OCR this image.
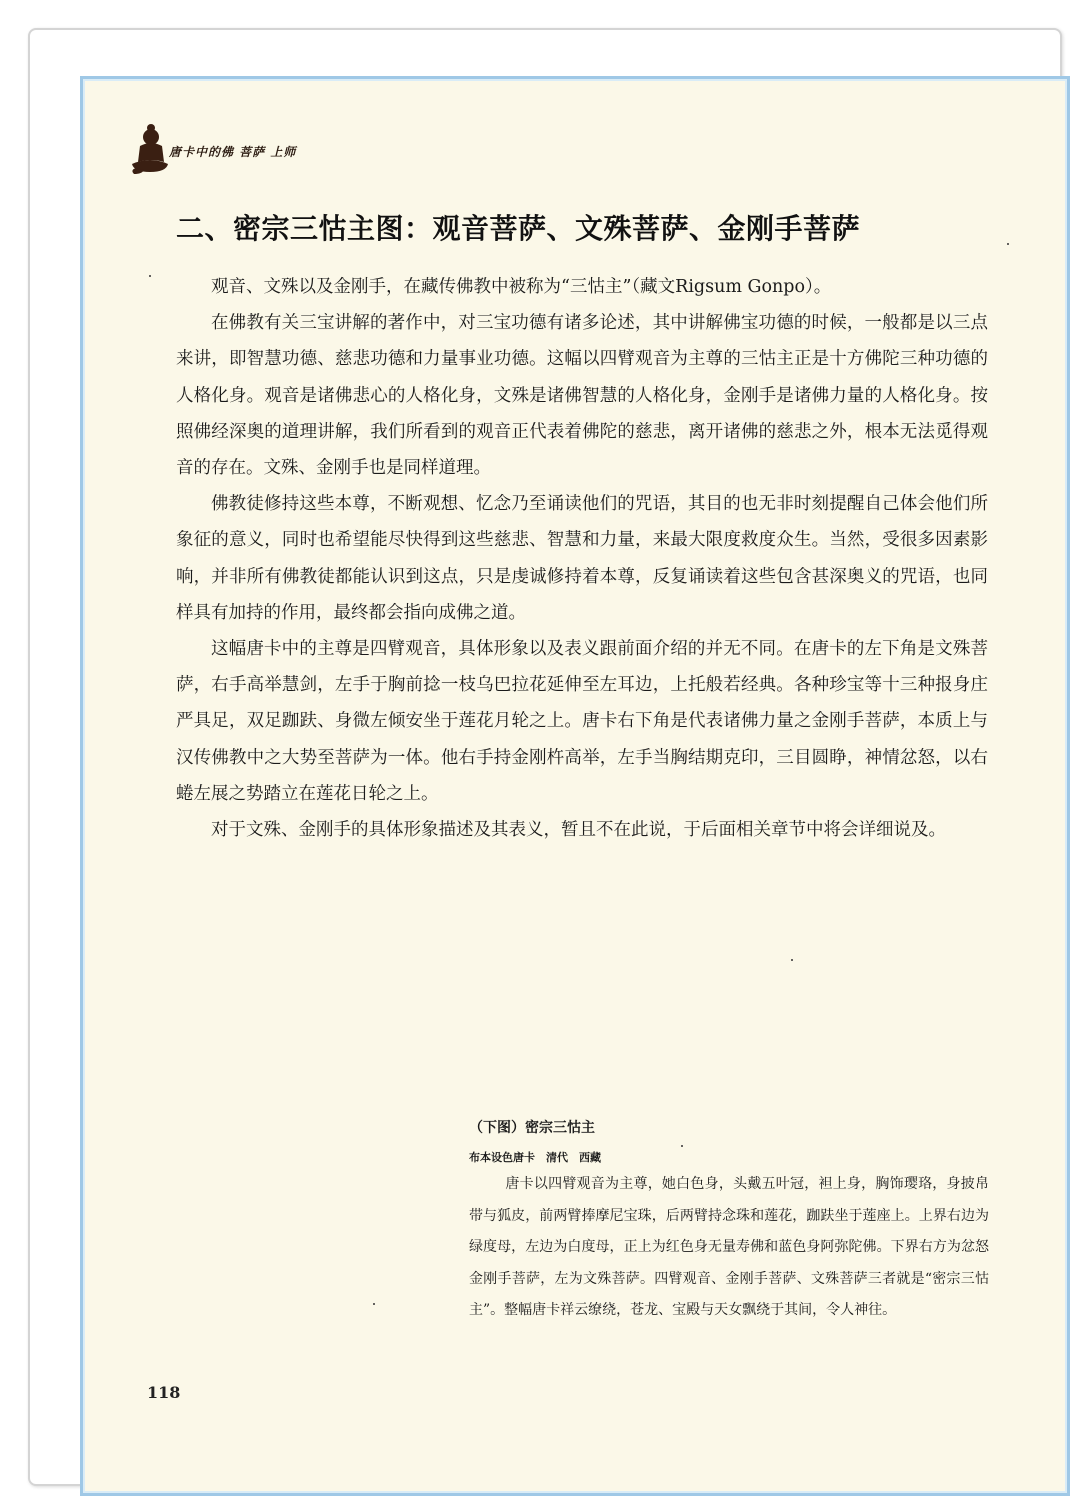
唐卡中的佛 菩萨 上师
二、密宗三怙主图：观音菩萨、文殊菩萨、金刚手菩萨

观音、文殊以及金刚手，在藏传佛教中被称为“三怙主”（藏文Rigsum Gonpo）。

在佛教有关三宝讲解的著作中，对三宝功德有诸多论述，其中讲解佛宝功德的时候，一般都是以三点来讲，即智慧功德、慈悲功德和力量事业功德。这幅以四臂观音为主尊的三怙主正是十方佛陀三种功德的人格化身。观音是诸佛悲心的人格化身，文殊是诸佛智慧的人格化身，金刚手是诸佛力量的人格化身。按照佛经深奥的道理讲解，我们所看到的观音正代表着佛陀的慈悲，离开诸佛的慈悲之外，根本无法觅得观音的存在。文殊、金刚手也是同样道理。

佛教徒修持这些本尊，不断观想、忆念乃至诵读他们的咒语，其目的也无非时刻提醒自己体会他们所象征的意义，同时也希望能尽快得到这些慈悲、智慧和力量，来最大限度救度众生。当然，受很多因素影响，并非所有佛教徒都能认识到这点，只是虔诚修持着本尊，反复诵读着这些包含甚深奥义的咒语，也同样具有加持的作用，最终都会指向成佛之道。

这幅唐卡中的主尊是四臂观音，具体形象以及表义跟前面介绍的并无不同。在唐卡的左下角是文殊菩萨，右手高举慧剑，左手于胸前捻一枝乌巴拉花延伸至左耳边，上托般若经典。各种珍宝等十三种报身庄严具足，双足跏趺、身微左倾安坐于莲花月轮之上。唐卡右下角是代表诸佛力量之金刚手菩萨，本质上与汉传佛教中之大势至菩萨为一体。他右手持金刚杵高举，左手当胸结期克印，三目圆睁，神情忿怒，以右蜷左展之势踏立在莲花日轮之上。

对于文殊、金刚手的具体形象描述及其表义，暂且不在此说，于后面相关章节中将会详细说及。

（下图）密宗三怙主
布本设色唐卡　清代　西藏

唐卡以四臂观音为主尊，她白色身，头戴五叶冠，袒上身，胸饰璎珞，身披帛带与狐皮，前两臂捧摩尼宝珠，后两臂持念珠和莲花，跏趺坐于莲座上。上界右边为绿度母，左边为白度母，正上为红色身无量寿佛和蓝色身阿弥陀佛。下界右方为忿怒金刚手菩萨，左为文殊菩萨。四臂观音、金刚手菩萨、文殊菩萨三者就是“密宗三怙主”。整幅唐卡祥云缭绕，苍龙、宝殿与天女飘绕于其间，令人神往。

118
